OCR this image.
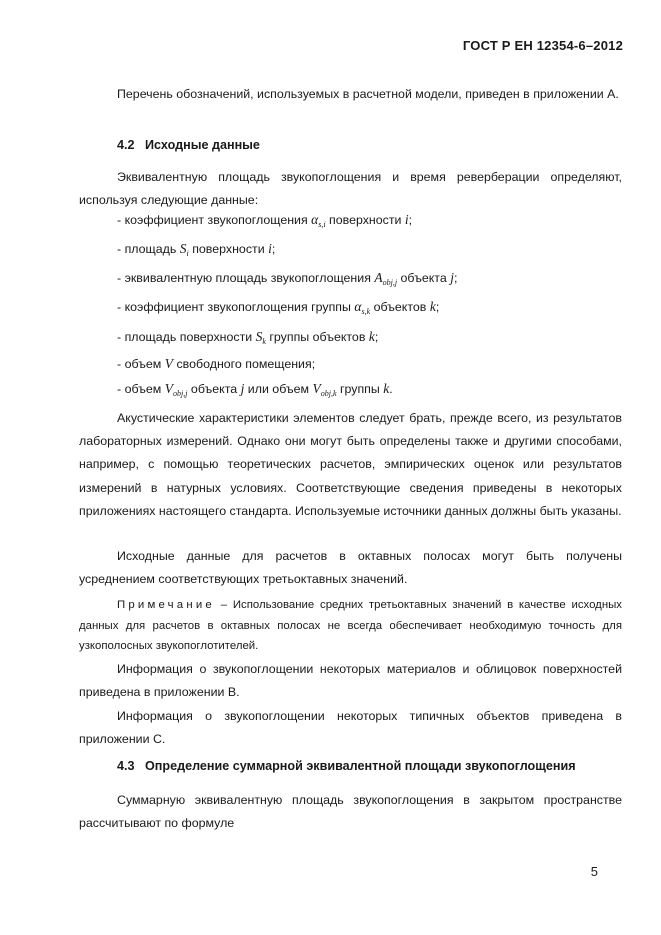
ГОСТ Р ЕН 12354-6–2012
Перечень обозначений, используемых в расчетной модели, приведен в приложении А.
4.2 Исходные данные
Эквивалентную площадь звукопоглощения и время реверберации определяют, используя следующие данные:
- коэффициент звукопоглощения $\alpha_{s,i}$ поверхности i;
- площадь $S_i$ поверхности i;
- эквивалентную площадь звукопоглощения $A_{obj,j}$ объекта j;
- коэффициент звукопоглощения группы $\alpha_{s,k}$ объектов k;
- площадь поверхности $S_k$ группы объектов k;
- объем V свободного помещения;
- объем $V_{obj,j}$ объекта j или объем $V_{obj,k}$ группы k.
Акустические характеристики элементов следует брать, прежде всего, из результатов лабораторных измерений. Однако они могут быть определены также и другими способами, например, с помощью теоретических расчетов, эмпирических оценок или результатов измерений в натурных условиях. Соответствующие сведения приведены в некоторых приложениях настоящего стандарта. Используемые источники данных должны быть указаны.
Исходные данные для расчетов в октавных полосах могут быть получены усреднением соответствующих третьоктавных значений.
Примечание – Использование средних третьоктавных значений в качестве исходных данных для расчетов в октавных полосах не всегда обеспечивает необходимую точность для узкополосных звукопоглотителей.
Информация о звукопоглощении некоторых материалов и облицовок поверхностей приведена в приложении В.
Информация о звукопоглощении некоторых типичных объектов приведена в приложении С.
4.3 Определение суммарной эквивалентной площади звукопоглощения
Суммарную эквивалентную площадь звукопоглощения в закрытом пространстве рассчитывают по формуле
5
